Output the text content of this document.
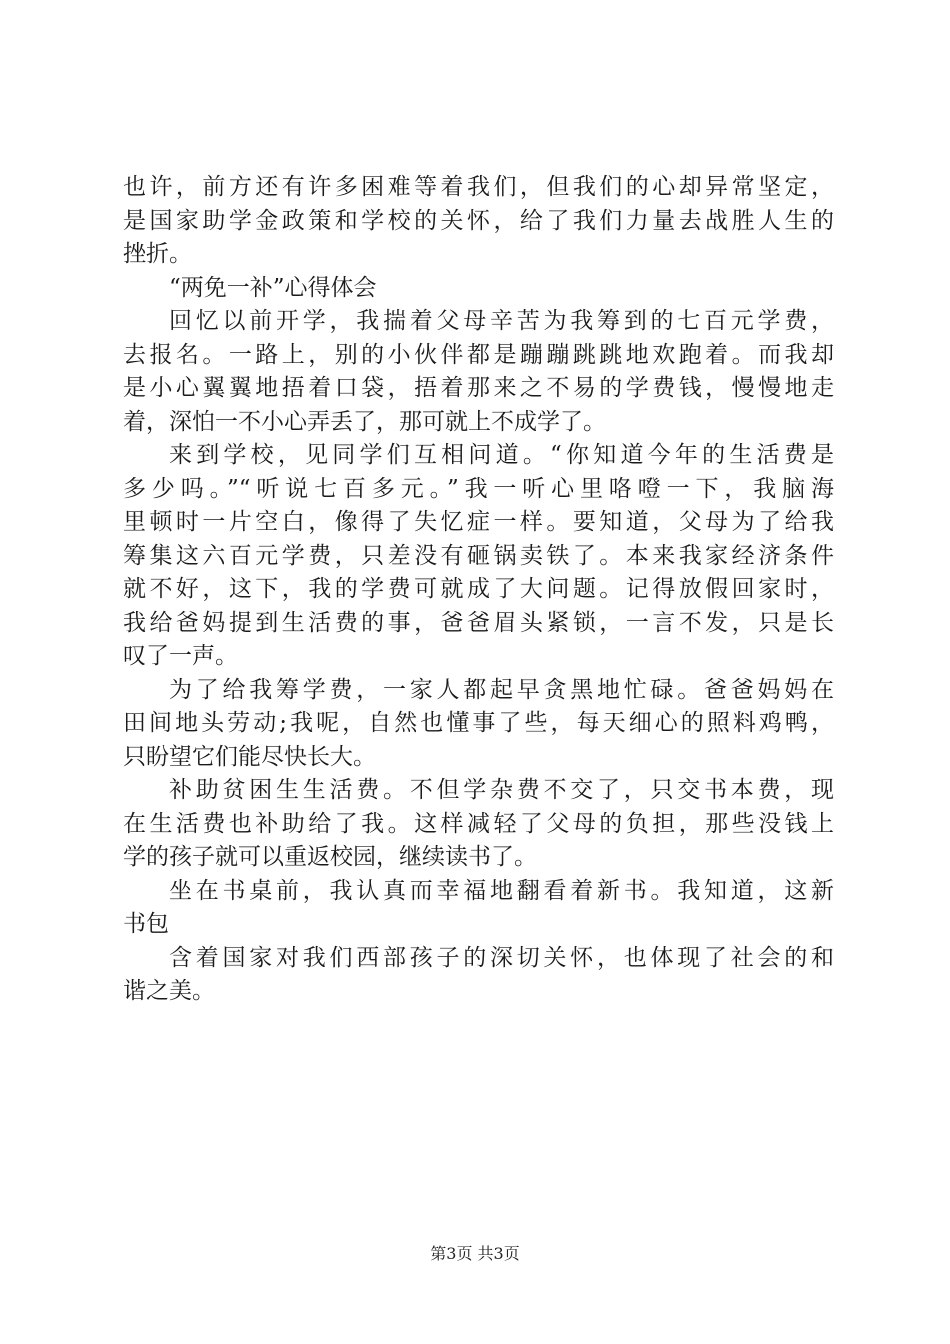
也许，前方还有许多困难等着我们，但我们的心却异常坚定，
是国家助学金政策和学校的关怀，给了我们力量去战胜人生的
挫折。
“两免一补”心得体会
回忆以前开学，我揣着父母辛苦为我筹到的七百元学费，
去报名。一路上，别的小伙伴都是蹦蹦跳跳地欢跑着。而我却
是小心翼翼地捂着口袋，捂着那来之不易的学费钱，慢慢地走
着，深怕一不小心弄丢了，那可就上不成学了。
来到学校，见同学们互相问道。“你知道今年的生活费是
多少吗。”“听说七百多元。”我一听心里咯噔一下，我脑海
里顿时一片空白，像得了失忆症一样。要知道，父母为了给我
筹集这六百元学费，只差没有砸锅卖铁了。本来我家经济条件
就不好，这下，我的学费可就成了大问题。记得放假回家时，
我给爸妈提到生活费的事，爸爸眉头紧锁，一言不发，只是长
叹了一声。
为了给我筹学费，一家人都起早贪黑地忙碌。爸爸妈妈在
田间地头劳动;我呢，自然也懂事了些，每天细心的照料鸡鸭，
只盼望它们能尽快长大。
补助贫困生生活费。不但学杂费不交了，只交书本费，现
在生活费也补助给了我。这样减轻了父母的负担，那些没钱上
学的孩子就可以重返校园，继续读书了。
坐在书桌前，我认真而幸福地翻看着新书。我知道，这新
书包
含着国家对我们西部孩子的深切关怀，也体现了社会的和
谐之美。
第3页 共3页
